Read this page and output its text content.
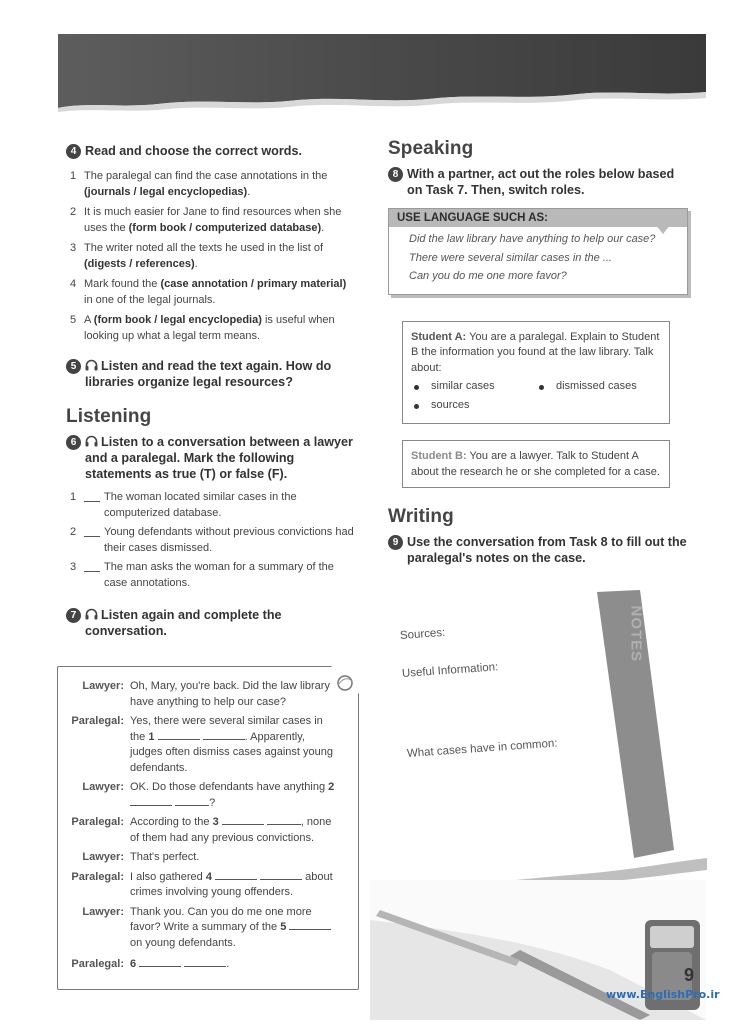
4 Read and choose the correct words.
1 The paralegal can find the case annotations in the (journals / legal encyclopedias).
2 It is much easier for Jane to find resources when she uses the (form book / computerized database).
3 The writer noted all the texts he used in the list of (digests / references).
4 Mark found the (case annotation / primary material) in one of the legal journals.
5 A (form book / legal encyclopedia) is useful when looking up what a legal term means.
5	Listen and read the text again. How do libraries organize legal resources?
Listening
6	Listen to a conversation between a lawyer and a paralegal. Mark the following statements as true (T) or false (F).
1	The woman located similar cases in the computerized database.
2	Young defendants without previous convictions had their cases dismissed.
3	The man asks the woman for a summary of the case annotations.
7	Listen again and complete the conversation.
Lawyer: Oh, Mary, you're back. Did the law library have anything to help our case?
Paralegal: Yes, there were several similar cases in the 1	. Apparently, judges often dismiss cases against young defendants.
Lawyer: OK. Do those defendants have anything 2  ?
Paralegal: According to the 3	, none of them had any previous convictions.
Lawyer: That's perfect.
Paralegal: I also gathered 4	about crimes involving young offenders.
Lawyer: Thank you. Can you do me one more favor? Write a summary of the 5  on young defendants.
Paralegal: 6	.
Speaking
8 With a partner, act out the roles below based on Task 7. Then, switch roles.
USE LANGUAGE SUCH AS:
Did the law library have anything to help our case?
There were several similar cases in the ...
Can you do me one more favor?
Student A: You are a paralegal. Explain to Student B the information you found at the law library. Talk about:
similar cases	dismissed cases
sources
Student B: You are a lawyer. Talk to Student A about the research he or she completed for a case.
Writing
9 Use the conversation from Task 8 to fill out the paralegal's notes on the case.
Sources:
Useful Information:
What cases have in common:
9
www.EnglishPro.ir
